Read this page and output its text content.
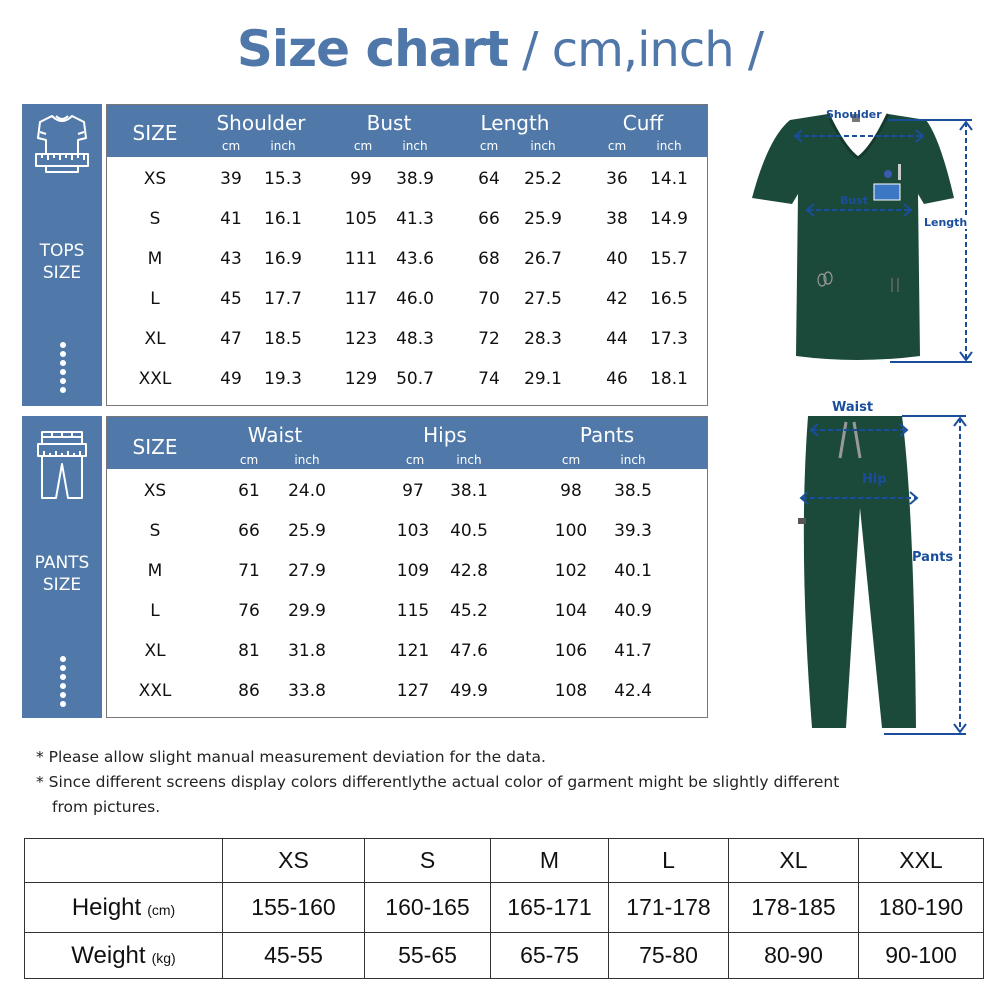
Size chart / cm,inch /
TOPS
SIZE
SIZE	Shoulder	Bust	Length	Cuff
cm	inch	cm	inch	cm	inch	cm	inch
XS	39	15.3	99	38.9	64	25.2	36	14.1
S	41	16.1	105	41.3	66	25.9	38	14.9
M	43	16.9	111	43.6	68	26.7	40	15.7
L	45	17.7	117	46.0	70	27.5	42	16.5
XL	47	18.5	123	48.3	72	28.3	44	17.3
XXL	49	19.3	129	50.7	74	29.1	46	18.1
PANTS
SIZE
SIZE	Waist	Hips	Pants
cm	inch	cm	inch	cm	inch
XS	61	24.0	97	38.1	98	38.5
S	66	25.9	103	40.5	100	39.3
M	71	27.9	109	42.8	102	40.1
L	76	29.9	115	45.2	104	40.9
XL	81	31.8	121	47.6	106	41.7
XXL	86	33.8	127	49.9	108	42.4
Shoulder
Bust
Length
Waist
Hip
Pants
* Please allow slight manual measurement deviation for the data.
* Since different screens display colors differentlythe actual color of garment might be slightly different
from pictures.
	XS	S	M	L	XL	XXL
Height (cm)	155-160	160-165	165-171	171-178	178-185	180-190
Weight (kg)	45-55	55-65	65-75	75-80	80-90	90-100
